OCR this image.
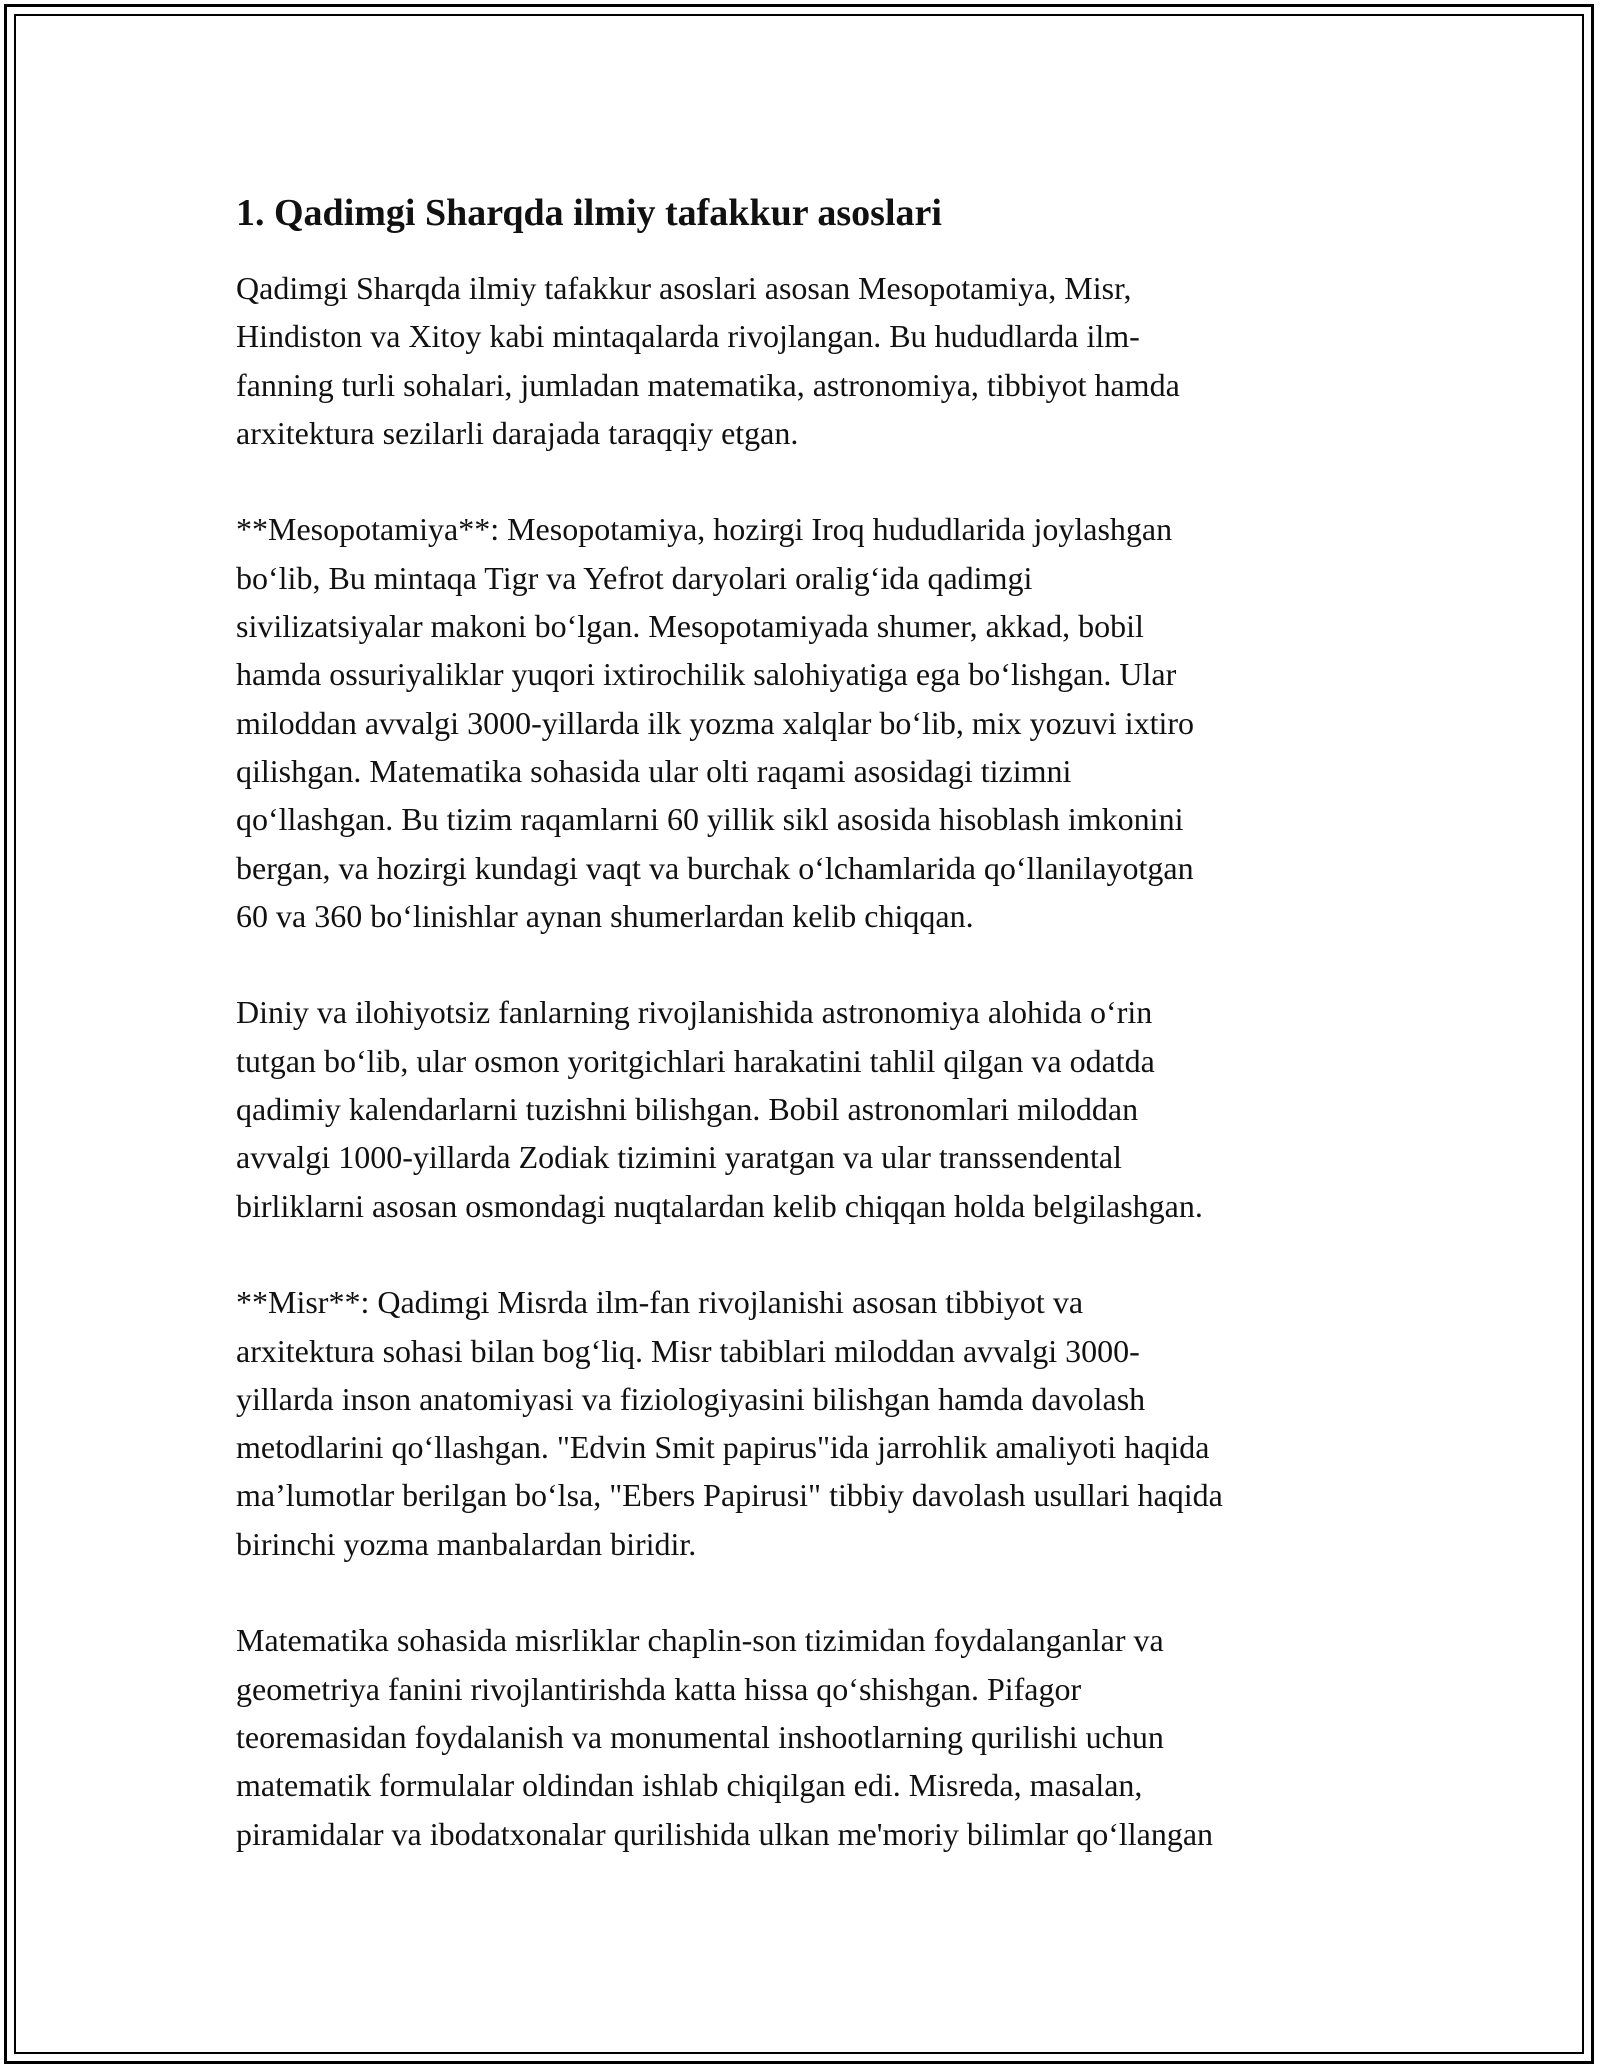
1. Qadimgi Sharqda ilmiy tafakkur asoslari

Qadimgi Sharqda ilmiy tafakkur asoslari asosan Mesopotamiya, Misr,
Hindiston va Xitoy kabi mintaqalarda rivojlangan. Bu hududlarda ilm-
fanning turli sohalari, jumladan matematika, astronomiya, tibbiyot hamda
arxitektura sezilarli darajada taraqqiy etgan.

**Mesopotamiya**: Mesopotamiya, hozirgi Iroq hududlarida joylashgan
bo‘lib, Bu mintaqa Tigr va Yefrot daryolari oralig‘ida qadimgi
sivilizatsiyalar makoni bo‘lgan. Mesopotamiyada shumer, akkad, bobil
hamda ossuriyaliklar yuqori ixtirochilik salohiyatiga ega bo‘lishgan. Ular
miloddan avvalgi 3000-yillarda ilk yozma xalqlar bo‘lib, mix yozuvi ixtiro
qilishgan. Matematika sohasida ular olti raqami asosidagi tizimni
qo‘llashgan. Bu tizim raqamlarni 60 yillik sikl asosida hisoblash imkonini
bergan, va hozirgi kundagi vaqt va burchak o‘lchamlarida qo‘llanilayotgan
60 va 360 bo‘linishlar aynan shumerlardan kelib chiqqan.

Diniy va ilohiyotsiz fanlarning rivojlanishida astronomiya alohida o‘rin
tutgan bo‘lib, ular osmon yoritgichlari harakatini tahlil qilgan va odatda
qadimiy kalendarlarni tuzishni bilishgan. Bobil astronomlari miloddan
avvalgi 1000-yillarda Zodiak tizimini yaratgan va ular transsendental
birliklarni asosan osmondagi nuqtalardan kelib chiqqan holda belgilashgan.

**Misr**: Qadimgi Misrda ilm-fan rivojlanishi asosan tibbiyot va
arxitektura sohasi bilan bog‘liq. Misr tabiblari miloddan avvalgi 3000-
yillarda inson anatomiyasi va fiziologiyasini bilishgan hamda davolash
metodlarini qo‘llashgan. "Edvin Smit papirus"ida jarrohlik amaliyoti haqida
ma’lumotlar berilgan bo‘lsa, "Ebers Papirusi" tibbiy davolash usullari haqida
birinchi yozma manbalardan biridir.

Matematika sohasida misrliklar chaplin-son tizimidan foydalanganlar va
geometriya fanini rivojlantirishda katta hissa qo‘shishgan. Pifagor
teoremasidan foydalanish va monumental inshootlarning qurilishi uchun
matematik formulalar oldindan ishlab chiqilgan edi. Misreda, masalan,
piramidalar va ibodatxonalar qurilishida ulkan me'moriy bilimlar qo‘llangan
